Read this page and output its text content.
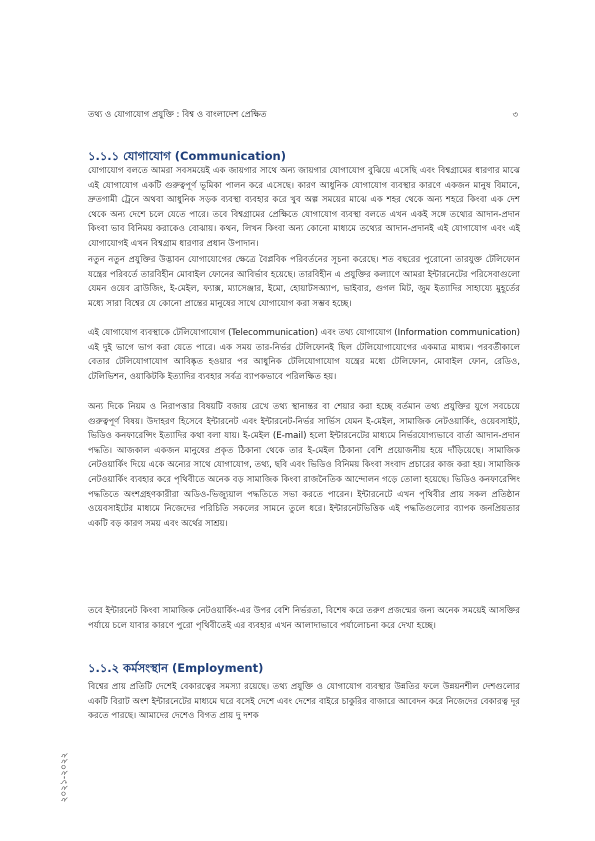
তথ্য ও যোগাযোগ প্রযুক্তি : বিশ্ব ও বাংলাদেশ প্রেক্ষিত	৩
১.১.১ যোগাযোগ (Communication)

যোগাযোগ বলতে আমরা সবসময়েই এক জায়গার সাথে অন্য জায়গার যোগাযোগ বুঝিয়ে এসেছি এবং বিশ্বগ্রামের ধারণার মাঝে এই যোগাযোগ একটি গুরুত্বপূর্ণ ভূমিকা পালন করে এসেছে। কারণ আধুনিক যোগাযোগ ব্যবস্থার কারণে একজন মানুষ বিমানে, দ্রুতগামী ট্রেনে অথবা আধুনিক সড়ক ব্যবস্থা ব্যবহার করে খুব অল্প সময়ের মাঝে এক শহর থেকে অন্য শহরে কিংবা এক দেশ থেকে অন্য দেশে চলে যেতে পারে। তবে বিশ্বগ্রামের প্রেক্ষিতে যোগাযোগ ব্যবস্থা বলতে এখন একই সঙ্গে তথ্যের আদান-প্রদান কিংবা ভাব বিনিময় করাকেও বোঝায়। কথন, লিখন কিংবা অন্য কোনো মাধ্যমে তথ্যের আদান-প্রদানই এই যোগাযোগ এবং এই যোগাযোগই এখন বিশ্বগ্রাম ধারণার প্রধান উপাদান।

নতুন নতুন প্রযুক্তির উদ্ভাবন যোগাযোগের ক্ষেত্রে বৈপ্লবিক পরিবর্তনের সূচনা করেছে। শত বছরের পুরোনো তারযুক্ত টেলিফোন যন্ত্রের পরিবর্তে তারবিহীন মোবাইল ফোনের আবির্ভাব হয়েছে। তারবিহীন এ প্রযুক্তির কল্যাণে আমরা ইন্টারনেটের পরিসেবাগুলো যেমন ওয়েব ব্রাউজিং, ই-মেইল, ফ্যাক্স, ম্যাসেঞ্জার, ইমো, হোয়াটসঅ্যাপ, ভাইবার, গুগল মিট, জুম ইত্যাদির সাহায্যে মুহূর্তের মধ্যে সারা বিশ্বের যে কোনো প্রান্তের মানুষের সাথে যোগাযোগ করা সম্ভব হচ্ছে।

এই যোগাযোগ ব্যবস্থাকে টেলিযোগাযোগ (Telecommunication) এবং তথ্য যোগাযোগ (Information communication) এই দুই ভাগে ভাগ করা যেতে পারে। এক সময় তার-নির্ভর টেলিফোনই ছিল টেলিযোগাযোগের একমাত্র মাধ্যম। পরবর্তীকালে বেতার টেলিযোগাযোগ আবিষ্কৃত হওয়ার পর আধুনিক টেলিযোগাযোগ যন্ত্রের মধ্যে টেলিফোন, মোবাইল ফোন, রেডিও, টেলিভিশন, ওয়াকিটকি ইত্যাদির ব্যবহার সর্বত্র ব্যাপকভাবে পরিলক্ষিত হয়।

অন্য দিকে নিয়ম ও নিরাপত্তার বিষয়টি বজায় রেখে তথ্য স্থানান্তর বা শেয়ার করা হচ্ছে বর্তমান তথ্য প্রযুক্তির যুগে সবচেয়ে গুরুত্বপূর্ণ বিষয়। উদাহরণ হিসেবে ইন্টারনেট এবং ইন্টারনেট-নির্ভর সার্ভিস যেমন ই-মেইল, সামাজিক নেটওয়ার্কিং, ওয়েবসাইট, ভিডিও কনফারেন্সিং ইত্যাদির কথা বলা যায়। ই-মেইল (E-mail) হলো ইন্টারনেটের মাধ্যমে নির্ভরযোগ্যভাবে বার্তা আদান-প্রদান পদ্ধতি। আজকাল একজন মানুষের প্রকৃত ঠিকানা থেকে তার ই-মেইল ঠিকানা বেশি প্রয়োজনীয় হয়ে দাঁড়িয়েছে। সামাজিক নেটওয়ার্কিং দিয়ে একে অন্যের সাথে যোগাযোগ, তথ্য, ছবি এবং ভিডিও বিনিময় কিংবা সংবাদ প্রচারের কাজ করা হয়। সামাজিক নেটওয়ার্কিং ব্যবহার করে পৃথিবীতে অনেক বড় সামাজিক কিংবা রাজনৈতিক আন্দোলন গড়ে তোলা হয়েছে। ভিডিও কনফারেন্সিং পদ্ধতিতে অংশগ্রহণকারীরা অডিও-ভিজ্যুয়াল পদ্ধতিতে সভা করতে পারেন। ইন্টারনেটে এখন পৃথিবীর প্রায় সকল প্রতিষ্ঠান ওয়েবসাইটের মাধ্যমে নিজেদের পরিচিতি সকলের সামনে তুলে ধরে। ইন্টারনেটভিত্তিক এই পদ্ধতিগুলোর ব্যাপক জনপ্রিয়তার একটি বড় কারণ সময় এবং অর্থের সাশ্রয়।

তবে ইন্টারনেট কিংবা সামাজিক নেটওয়ার্কিং-এর উপর বেশি নির্ভরতা, বিশেষ করে তরুণ প্রজন্মের জন্য অনেক সময়েই আসক্তির পর্যায়ে চলে যাবার কারণে পুরো পৃথিবীতেই এর ব্যবহার এখন আলাদাভাবে পর্যালোচনা করে দেখা হচ্ছে।

১.১.২ কর্মসংস্থান (Employment)

বিশ্বের প্রায় প্রতিটি দেশেই বেকারত্বের সমস্যা রয়েছে। তথ্য প্রযুক্তি ও যোগাযোগ ব্যবস্থার উন্নতির ফলে উন্নয়নশীল দেশগুলোর একটি বিরাট অংশ ইন্টারনেটের মাধ্যমে ঘরে বসেই দেশে এবং দেশের বাইরে চাকুরির বাজারে আবেদন করে নিজেদের বেকারত্ব দূর করতে পারছে। আমাদের দেশেও বিগত প্রায় দু দশক

২০২১-২০২২
